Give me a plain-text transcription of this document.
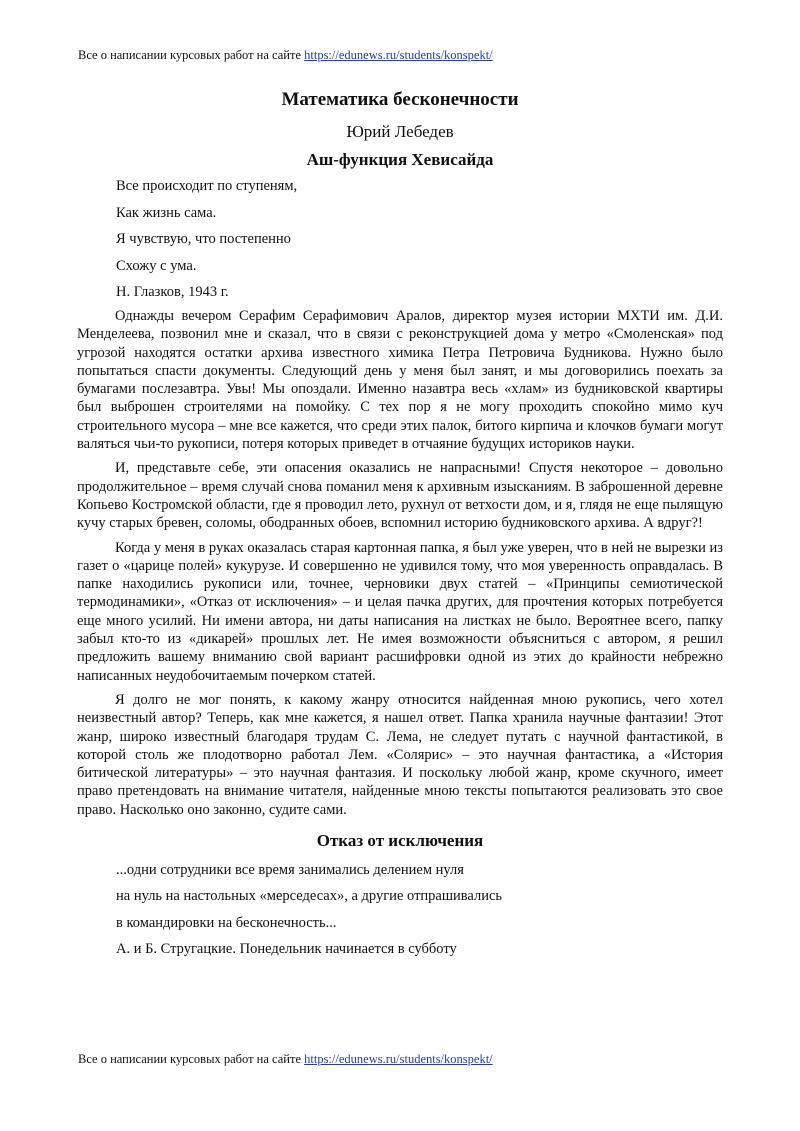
Все о написании курсовых работ на сайте https://edunews.ru/students/konspekt/
Математика бесконечности
Юрий Лебедев
Аш-функция Хевисайда
Все происходит по ступеням,
Как жизнь сама.
Я чувствую, что постепенно
Схожу с ума.
Н. Глазков, 1943 г.

Однажды вечером Серафим Серафимович Аралов, директор музея истории МХТИ им. Д.И. Менделеева, позвонил мне и сказал, что в связи с реконструкцией дома у метро «Смоленская» под угрозой находятся остатки архива известного химика Петра Петровича Будникова. Нужно было попытаться спасти документы. Следующий день у меня был занят, и мы договорились поехать за бумагами послезавтра. Увы! Мы опоздали. Именно назавтра весь «хлам» из будниковской квартиры был выброшен строителями на помойку. С тех пор я не могу проходить спокойно мимо куч строительного мусора – мне все кажется, что среди этих палок, битого кирпича и клочков бумаги могут валяться чьи-то рукописи, потеря которых приведет в отчаяние будущих историков науки.

И, представьте себе, эти опасения оказались не напрасными! Спустя некоторое – довольно продолжительное – время случай снова поманил меня к архивным изысканиям. В заброшенной деревне Копьево Костромской области, где я проводил лето, рухнул от ветхости дом, и я, глядя не еще пылящую кучу старых бревен, соломы, ободранных обоев, вспомнил историю будниковского архива. А вдруг?!

Когда у меня в руках оказалась старая картонная папка, я был уже уверен, что в ней не вырезки из газет о «царице полей» кукурузе. И совершенно не удивился тому, что моя уверенность оправдалась. В папке находились рукописи или, точнее, черновики двух статей – «Принципы семиотической термодинамики», «Отказ от исключения» – и целая пачка других, для прочтения которых потребуется еще много усилий. Ни имени автора, ни даты написания на листках не было. Вероятнее всего, папку забыл кто-то из «дикарей» прошлых лет. Не имея возможности объясниться с автором, я решил предложить вашему вниманию свой вариант расшифровки одной из этих до крайности небрежно написанных неудобочитаемым почерком статей.

Я долго не мог понять, к какому жанру относится найденная мною рукопись, чего хотел неизвестный автор? Теперь, как мне кажется, я нашел ответ. Папка хранила научные фантазии! Этот жанр, широко известный благодаря трудам С. Лема, не следует путать с научной фантастикой, в которой столь же плодотворно работал Лем. «Солярис» – это научная фантастика, а «История битической литературы» – это научная фантазия. И поскольку любой жанр, кроме скучного, имеет право претендовать на внимание читателя, найденные мною тексты попытаются реализовать это свое право. Насколько оно законно, судите сами.

Отказ от исключения
...одни сотрудники все время занимались делением нуля
на нуль на настольных «мерседесах», а другие отпрашивались
в командировки на бесконечность...
А. и Б. Стругацкие. Понедельник начинается в субботу
Все о написании курсовых работ на сайте https://edunews.ru/students/konspekt/
